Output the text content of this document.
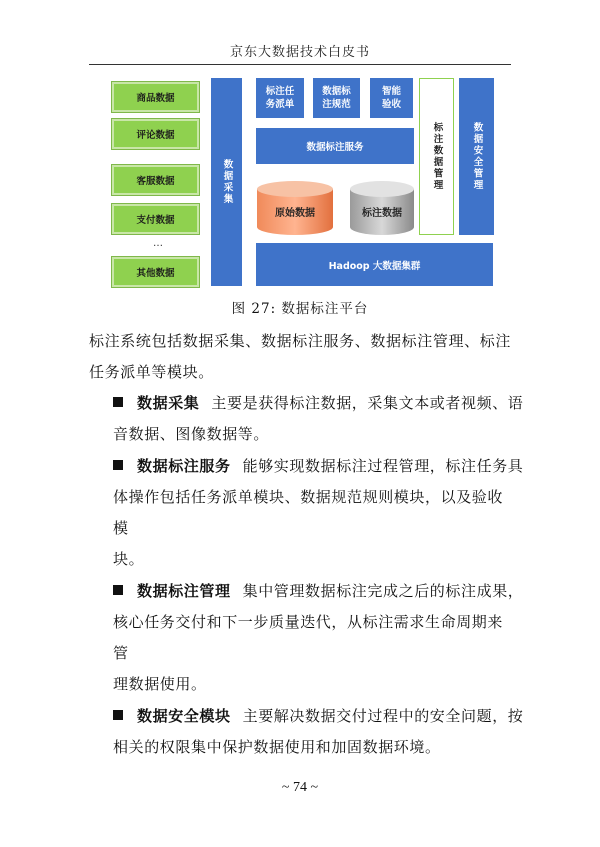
京东大数据技术白皮书
商品数据
评论数据
客服数据
支付数据
…
其他数据
数据采集
标注任务派单
数据标注规范
智能验收
数据标注服务
原始数据	标注数据
Hadoop 大数据集群
标注数据管理	数据安全管理
图 27: 数据标注平台
标注系统包括数据采集、数据标注服务、数据标注管理、标注任务派单等模块。
数据采集 主要是获得标注数据，采集文本或者视频、语
音数据、图像数据等。
数据标注服务 能够实现数据标注过程管理，标注任务具
体操作包括任务派单模块、数据规范规则模块，以及验收模
块。
数据标注管理 集中管理数据标注完成之后的标注成果，
核心任务交付和下一步质量迭代，从标注需求生命周期来管
理数据使用。
数据安全模块 主要解决数据交付过程中的安全问题，按
相关的权限集中保护数据使用和加固数据环境。
~ 74 ~
